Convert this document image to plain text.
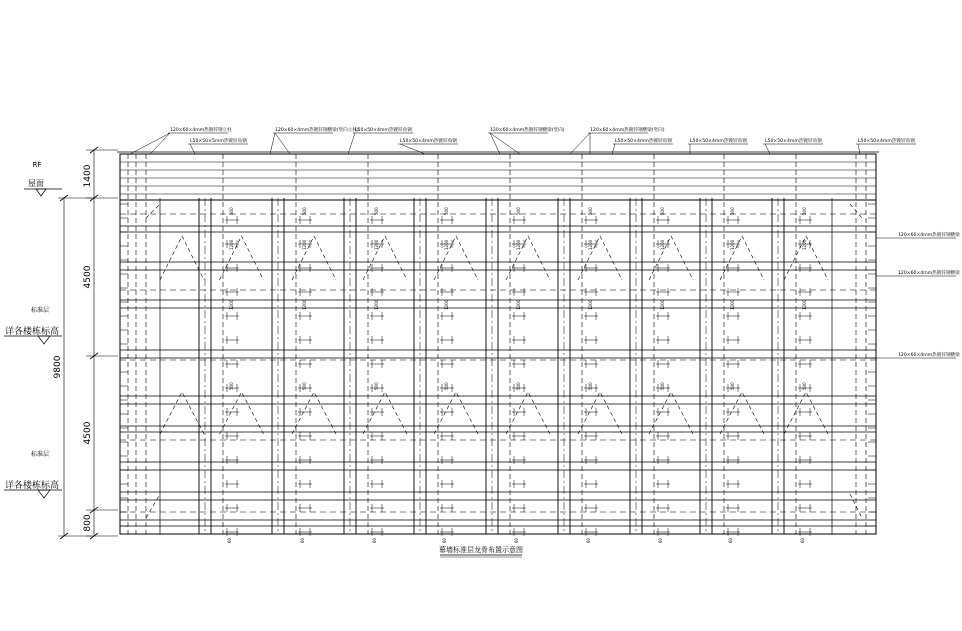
60
500
1200
1200
500
60
500
1200
1200
500
60
500
1200
1200
500
60
500
1200
1200
500
60
500
1200
1200
500
60
500
1200
1200
500
60
500
1200
1200
500
60
500
1200
1200
500
60
500
1200
1200
500
RF
屋面
标准层
详各楼栋标高
标准层
详各楼栋标高
1400
4500
9800
4500
800
120×60×4mm热镀锌钢立柱
L50×50×5mm热镀锌角钢
120×60×4mm热镀锌钢横梁(竖向立柱)
L50×50×4mm热镀锌角钢
L50×50×4mm热镀锌角钢
120×60×4mm热镀锌钢横梁(竖向)	120×60×4mm热镀锌钢横梁(竖向)
L50×50×4mm热镀锌角钢	L50×50×4mm热镀锌角钢	L50×50×4mm热镀锌角钢	L50×50×4mm热镀锌角钢
120×60×4mm热镀锌钢横梁
120×60×4mm热镀锌钢横梁
120×60×4mm热镀锌钢横梁
幕墙标准层龙骨布置示意图
